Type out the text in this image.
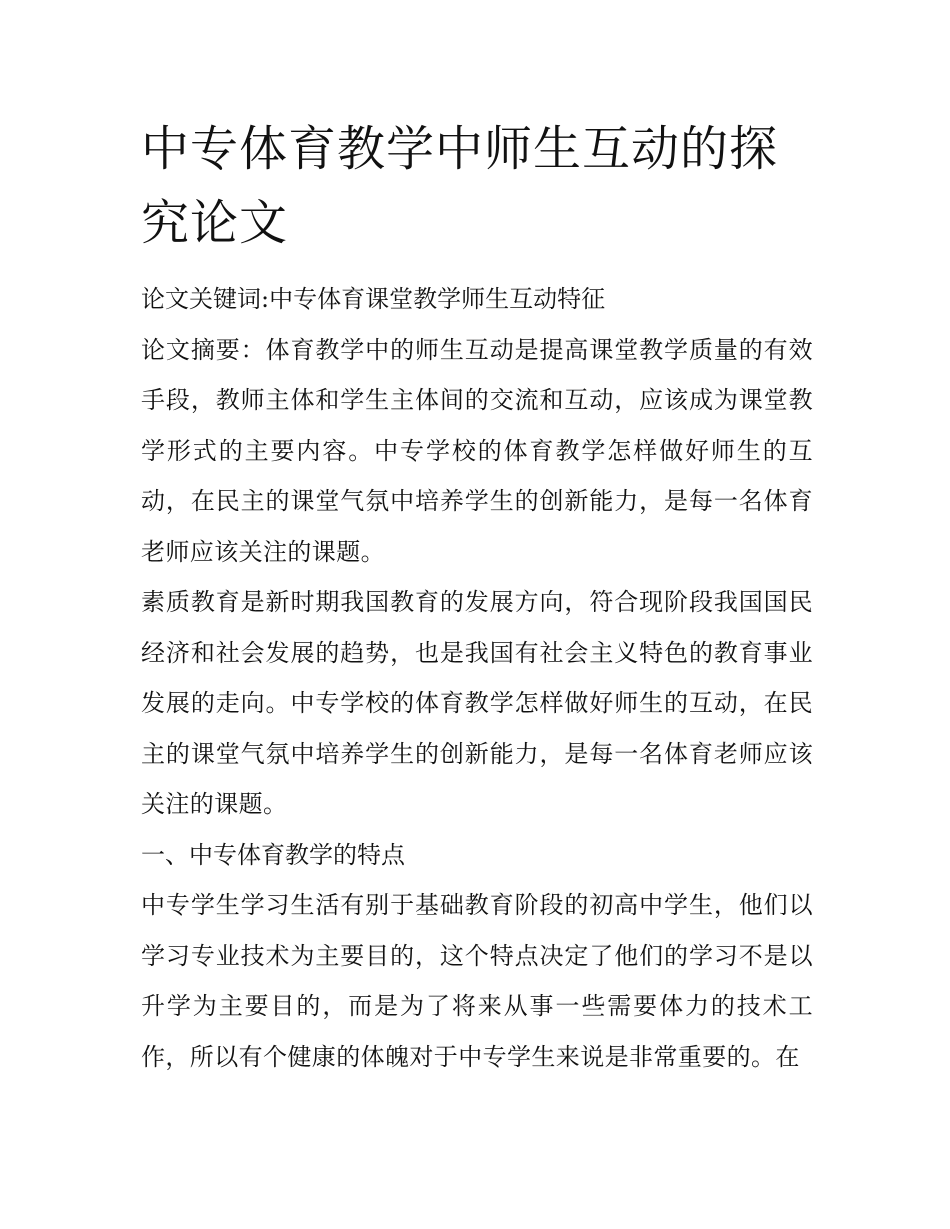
中专体育教学中师生互动的探究论文

论文关键词:中专体育课堂教学师生互动特征

论文摘要：体育教学中的师生互动是提高课堂教学质量的有效手段，教师主体和学生主体间的交流和互动，应该成为课堂教学形式的主要内容。中专学校的体育教学怎样做好师生的互动，在民主的课堂气氛中培养学生的创新能力，是每一名体育老师应该关注的课题。

素质教育是新时期我国教育的发展方向，符合现阶段我国国民经济和社会发展的趋势，也是我国有社会主义特色的教育事业发展的走向。中专学校的体育教学怎样做好师生的互动，在民主的课堂气氛中培养学生的创新能力，是每一名体育老师应该关注的课题。

一、中专体育教学的特点

中专学生学习生活有别于基础教育阶段的初高中学生，他们以学习专业技术为主要目的，这个特点决定了他们的学习不是以升学为主要目的，而是为了将来从事一些需要体力的技术工作，所以有个健康的体魄对于中专学生来说是非常重要的。在
